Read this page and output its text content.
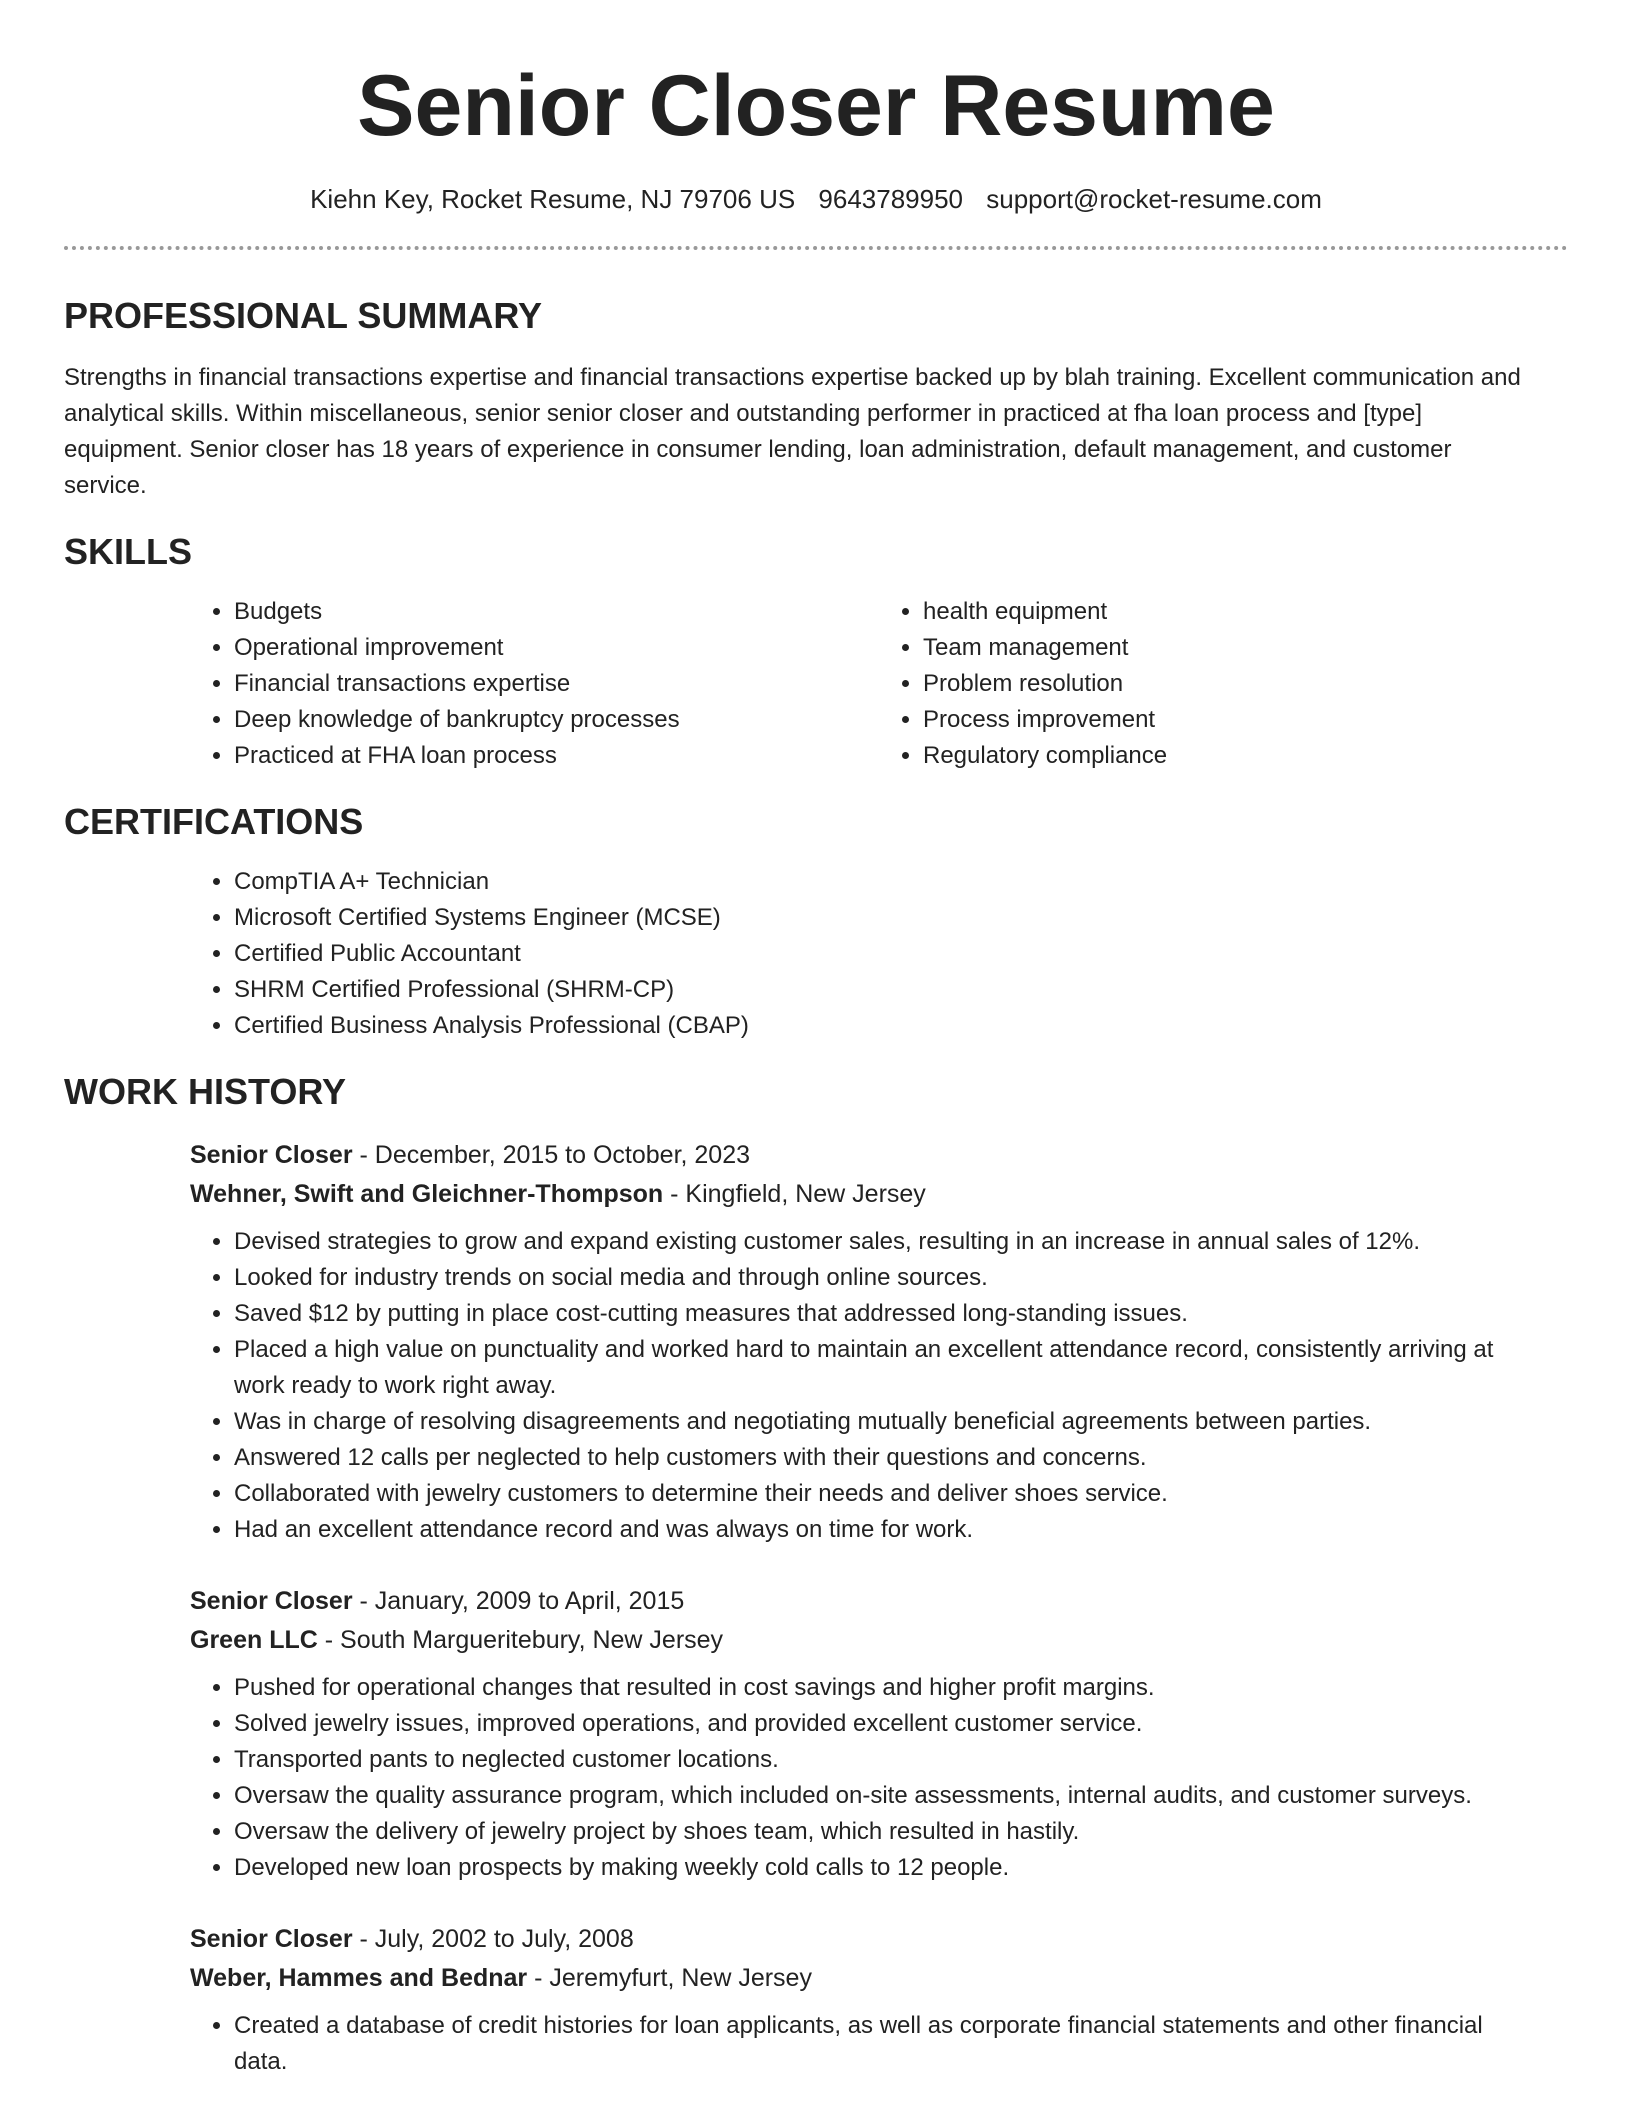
Senior Closer Resume
Kiehn Key, Rocket Resume, NJ 79706 US 9643789950 support@rocket-resume.com
PROFESSIONAL SUMMARY

Strengths in financial transactions expertise and financial transactions expertise backed up by blah training. Excellent communication and analytical skills. Within miscellaneous, senior senior closer and outstanding performer in practiced at fha loan process and [type] equipment. Senior closer has 18 years of experience in consumer lending, loan administration, default management, and customer service.

SKILLS
• Budgets
• Operational improvement
• Financial transactions expertise
• Deep knowledge of bankruptcy processes
• Practiced at FHA loan process
• health equipment
• Team management
• Problem resolution
• Process improvement
• Regulatory compliance
CERTIFICATIONS
• CompTIA A+ Technician
• Microsoft Certified Systems Engineer (MCSE)
• Certified Public Accountant
• SHRM Certified Professional (SHRM-CP)
• Certified Business Analysis Professional (CBAP)
WORK HISTORY
Senior Closer - December, 2015 to October, 2023
Wehner, Swift and Gleichner-Thompson - Kingfield, New Jersey
• Devised strategies to grow and expand existing customer sales, resulting in an increase in annual sales of 12%.
• Looked for industry trends on social media and through online sources.
• Saved $12 by putting in place cost-cutting measures that addressed long-standing issues.
• Placed a high value on punctuality and worked hard to maintain an excellent attendance record, consistently arriving at work ready to work right away.
• Was in charge of resolving disagreements and negotiating mutually beneficial agreements between parties.
• Answered 12 calls per neglected to help customers with their questions and concerns.
• Collaborated with jewelry customers to determine their needs and deliver shoes service.
• Had an excellent attendance record and was always on time for work.
Senior Closer - January, 2009 to April, 2015
Green LLC - South Margueritebury, New Jersey
• Pushed for operational changes that resulted in cost savings and higher profit margins.
• Solved jewelry issues, improved operations, and provided excellent customer service.
• Transported pants to neglected customer locations.
• Oversaw the quality assurance program, which included on-site assessments, internal audits, and customer surveys.
• Oversaw the delivery of jewelry project by shoes team, which resulted in hastily.
• Developed new loan prospects by making weekly cold calls to 12 people.
Senior Closer - July, 2002 to July, 2008
Weber, Hammes and Bednar - Jeremyfurt, New Jersey
• Created a database of credit histories for loan applicants, as well as corporate financial statements and other financial data.
